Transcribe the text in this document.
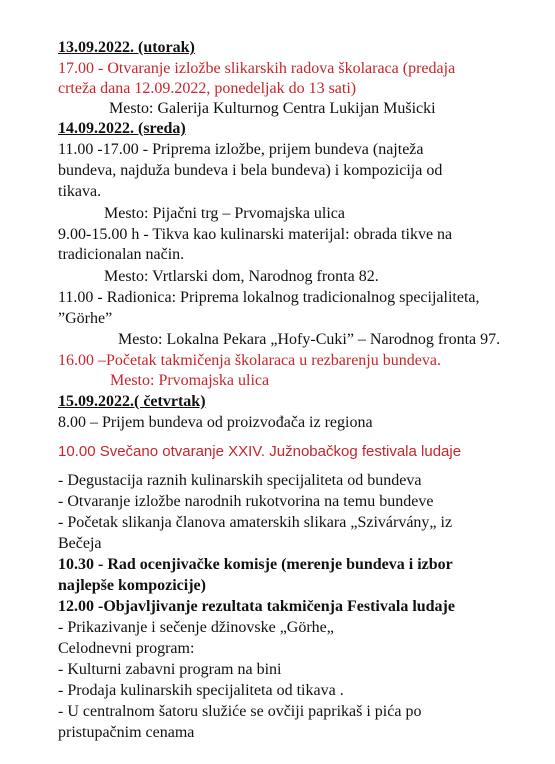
13.09.2022. (utorak)
17.00 - Otvaranje izložbe slikarskih radova školaraca (predaja
crteža dana 12.09.2022, ponedeljak do 13 sati)
Mesto: Galerija Kulturnog Centra Lukijan Mušicki
14.09.2022. (sreda)
11.00 -17.00 - Priprema izložbe, prijem bundeva (najteža
bundeva, najduža bundeva i bela bundeva) i kompozicija od
tikava.
Mesto: Pijačni trg – Prvomajska ulica
9.00-15.00 h - Tikva kao kulinarski materijal: obrada tikve na
tradicionalan način.
Mesto: Vrtlarski dom, Narodnog fronta 82.
11.00 - Radionica: Priprema lokalnog tradicionalnog specijaliteta,
”Görhe”
Mesto: Lokalna Pekara „Hofy-Cuki” – Narodnog fronta 97.
16.00 –Početak takmičenja školaraca u rezbarenju bundeva.
Mesto: Prvomajska ulica
15.09.2022.( četvrtak)
8.00 – Prijem bundeva od proizvođača iz regiona
10.00 Svečano otvaranje XXIV. Južnobačkog festivala ludaje
- Degustacija raznih kulinarskih specijaliteta od bundeva
- Otvaranje izložbe narodnih rukotvorina na temu bundeve
- Početak slikanja članova amaterskih slikara „Szivárvány„ iz
Bečeja
10.30 - Rad ocenjivačke komisje (merenje bundeva i izbor
najlepše kompozicije)
12.00 -Objavljivanje rezultata takmičenja Festivala ludaje
- Prikazivanje i sečenje džinovske „Görhe„
Celodnevni program:
- Kulturni zabavni program na bini
- Prodaja kulinarskih specijaliteta od tikava .
- U centralnom šatoru služiće se ovčiji paprikaš i pića po
pristupačnim cenama
